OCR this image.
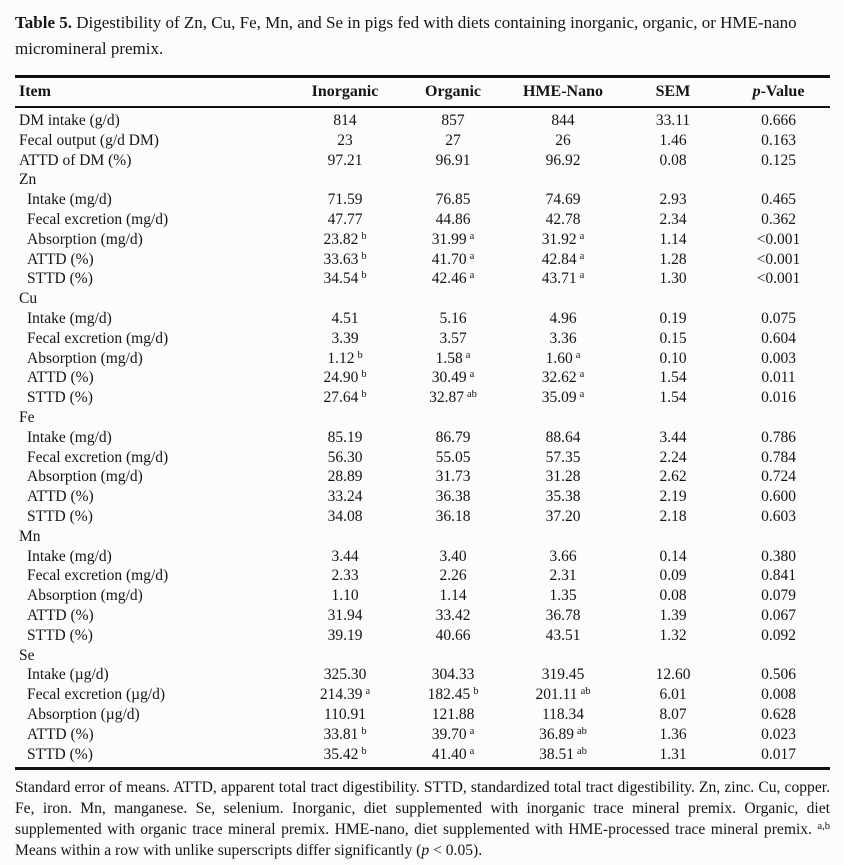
Table 5. Digestibility of Zn, Cu, Fe, Mn, and Se in pigs fed with diets containing inorganic, organic, or HME-nano micromineral premix.

Item	Inorganic	Organic	HME-Nano	SEM	p-Value
DM intake (g/d)	814	857	844	33.11	0.666
Fecal output (g/d DM)	23	27	26	1.46	0.163
ATTD of DM (%)	97.21	96.91	96.92	0.08	0.125
Zn					
Intake (mg/d)	71.59	76.85	74.69	2.93	0.465
Fecal excretion (mg/d)	47.77	44.86	42.78	2.34	0.362
Absorption (mg/d)	23.82 $^b$	31.99 $^a$	31.92 $^a$	1.14	<0.001
ATTD (%)	33.63 $^b$	41.70 $^a$	42.84 $^a$	1.28	<0.001
STTD (%)	34.54 $^b$	42.46 $^a$	43.71 $^a$	1.30	<0.001
Cu					
Intake (mg/d)	4.51	5.16	4.96	0.19	0.075
Fecal excretion (mg/d)	3.39	3.57	3.36	0.15	0.604
Absorption (mg/d)	1.12 $^b$	1.58 $^a$	1.60 $^a$	0.10	0.003
ATTD (%)	24.90 $^b$	30.49 $^a$	32.62 $^a$	1.54	0.011
STTD (%)	27.64 $^b$	32.87 $^{ab}$	35.09 $^a$	1.54	0.016
Fe					
Intake (mg/d)	85.19	86.79	88.64	3.44	0.786
Fecal excretion (mg/d)	56.30	55.05	57.35	2.24	0.784
Absorption (mg/d)	28.89	31.73	31.28	2.62	0.724
ATTD (%)	33.24	36.38	35.38	2.19	0.600
STTD (%)	34.08	36.18	37.20	2.18	0.603
Mn					
Intake (mg/d)	3.44	3.40	3.66	0.14	0.380
Fecal excretion (mg/d)	2.33	2.26	2.31	0.09	0.841
Absorption (mg/d)	1.10	1.14	1.35	0.08	0.079
ATTD (%)	31.94	33.42	36.78	1.39	0.067
STTD (%)	39.19	40.66	43.51	1.32	0.092
Se					
Intake (µg/d)	325.30	304.33	319.45	12.60	0.506
Fecal excretion (µg/d)	214.39 $^a$	182.45 $^b$	201.11 $^{ab}$	6.01	0.008
Absorption (µg/d)	110.91	121.88	118.34	8.07	0.628
ATTD (%)	33.81 $^b$	39.70 $^a$	36.89 $^{ab}$	1.36	0.023
STTD (%)	35.42 $^b$	41.40 $^a$	38.51 $^{ab}$	1.31	0.017

Standard error of means. ATTD, apparent total tract digestibility. STTD, standardized total tract digestibility. Zn, zinc. Cu, copper. Fe, iron. Mn, manganese. Se, selenium. Inorganic, diet supplemented with inorganic trace mineral premix. Organic, diet supplemented with organic trace mineral premix. HME-nano, diet supplemented with HME-processed trace mineral premix. $^{a,b}$ Means within a row with unlike superscripts differ significantly (p < 0.05).
